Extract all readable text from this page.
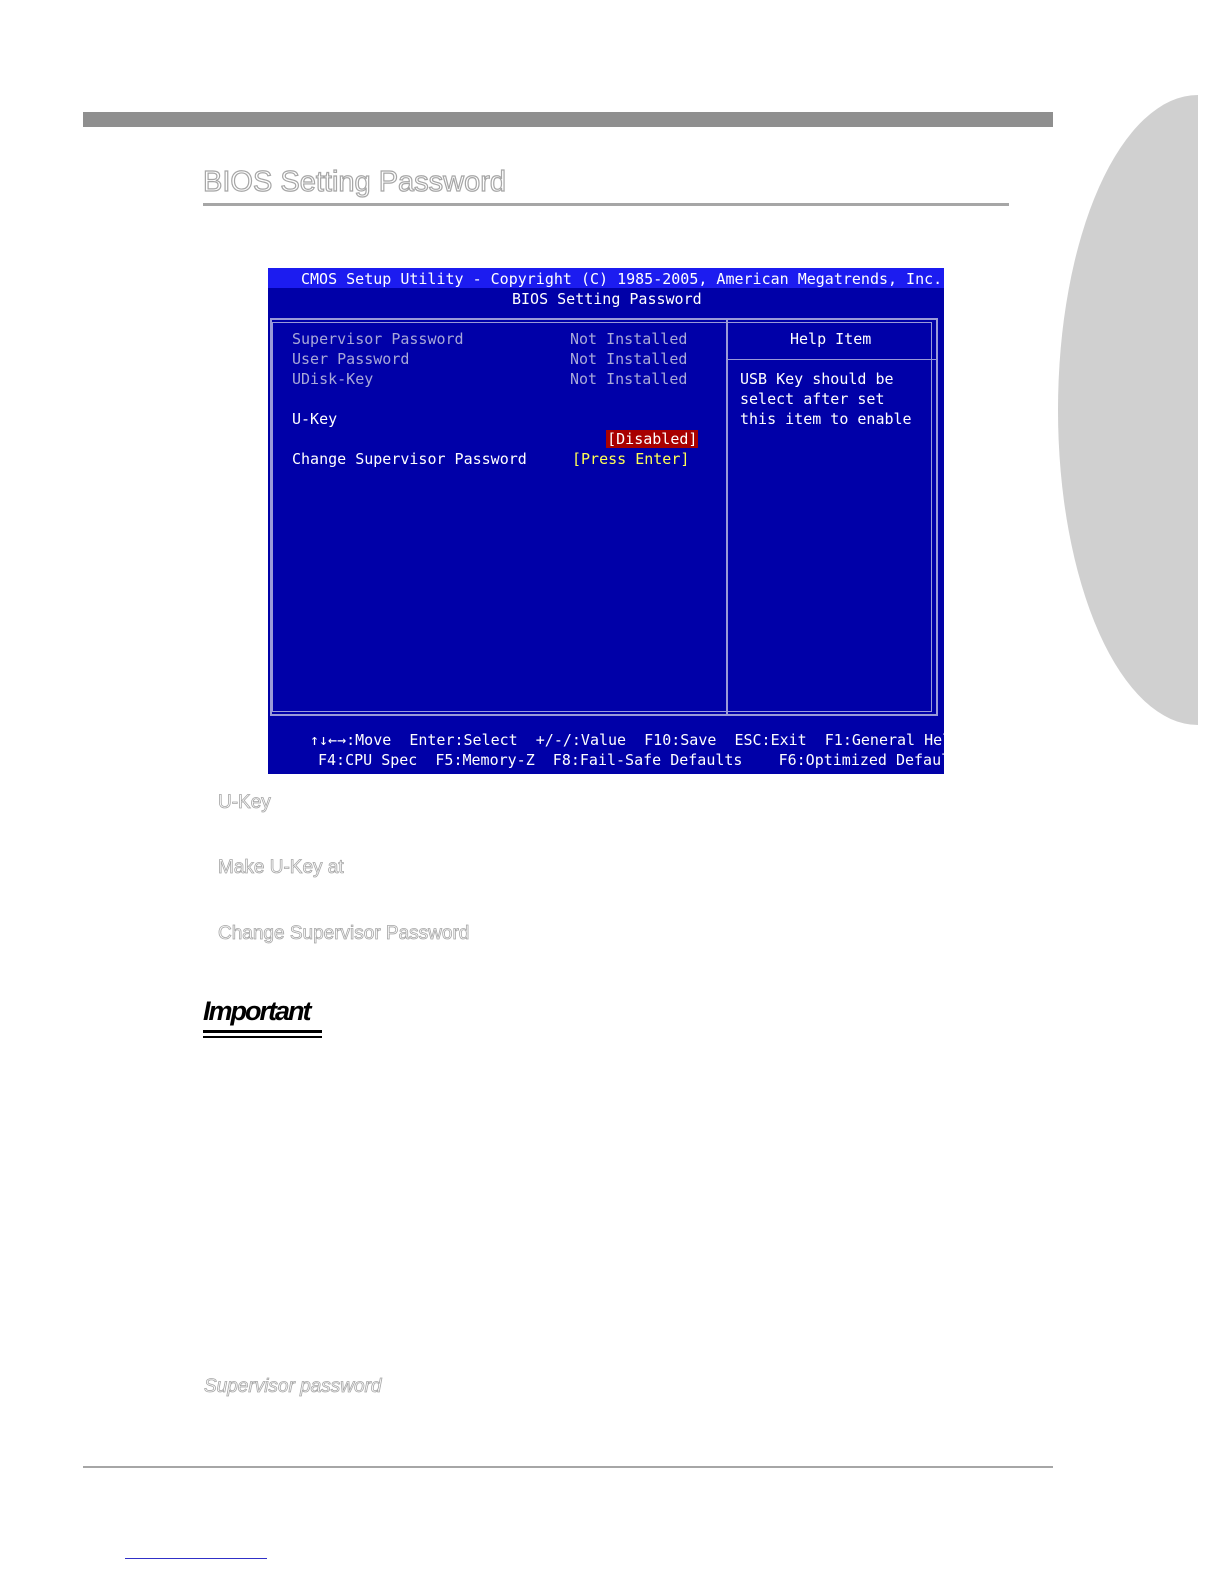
BIOS Setting Password
CMOS Setup Utility - Copyright (C) 1985-2005, American Megatrends, Inc.
BIOS Setting Password
Supervisor Password	Not Installed
User Password	Not Installed
UDisk-Key	Not Installed
U-Key

[Disabled]

Change Supervisor Password	[Press Enter]
Help Item
USB Key should be
select after set
this item to enable
↑↓←→:Move  Enter:Select  +/-/:Value  F10:Save  ESC:Exit  F1:General Help
F4:CPU Spec  F5:Memory-Z  F8:Fail-Safe Defaults    F6:Optimized Defaults

U-Key

Make U-Key at

Change Supervisor Password

Important

Supervisor password
